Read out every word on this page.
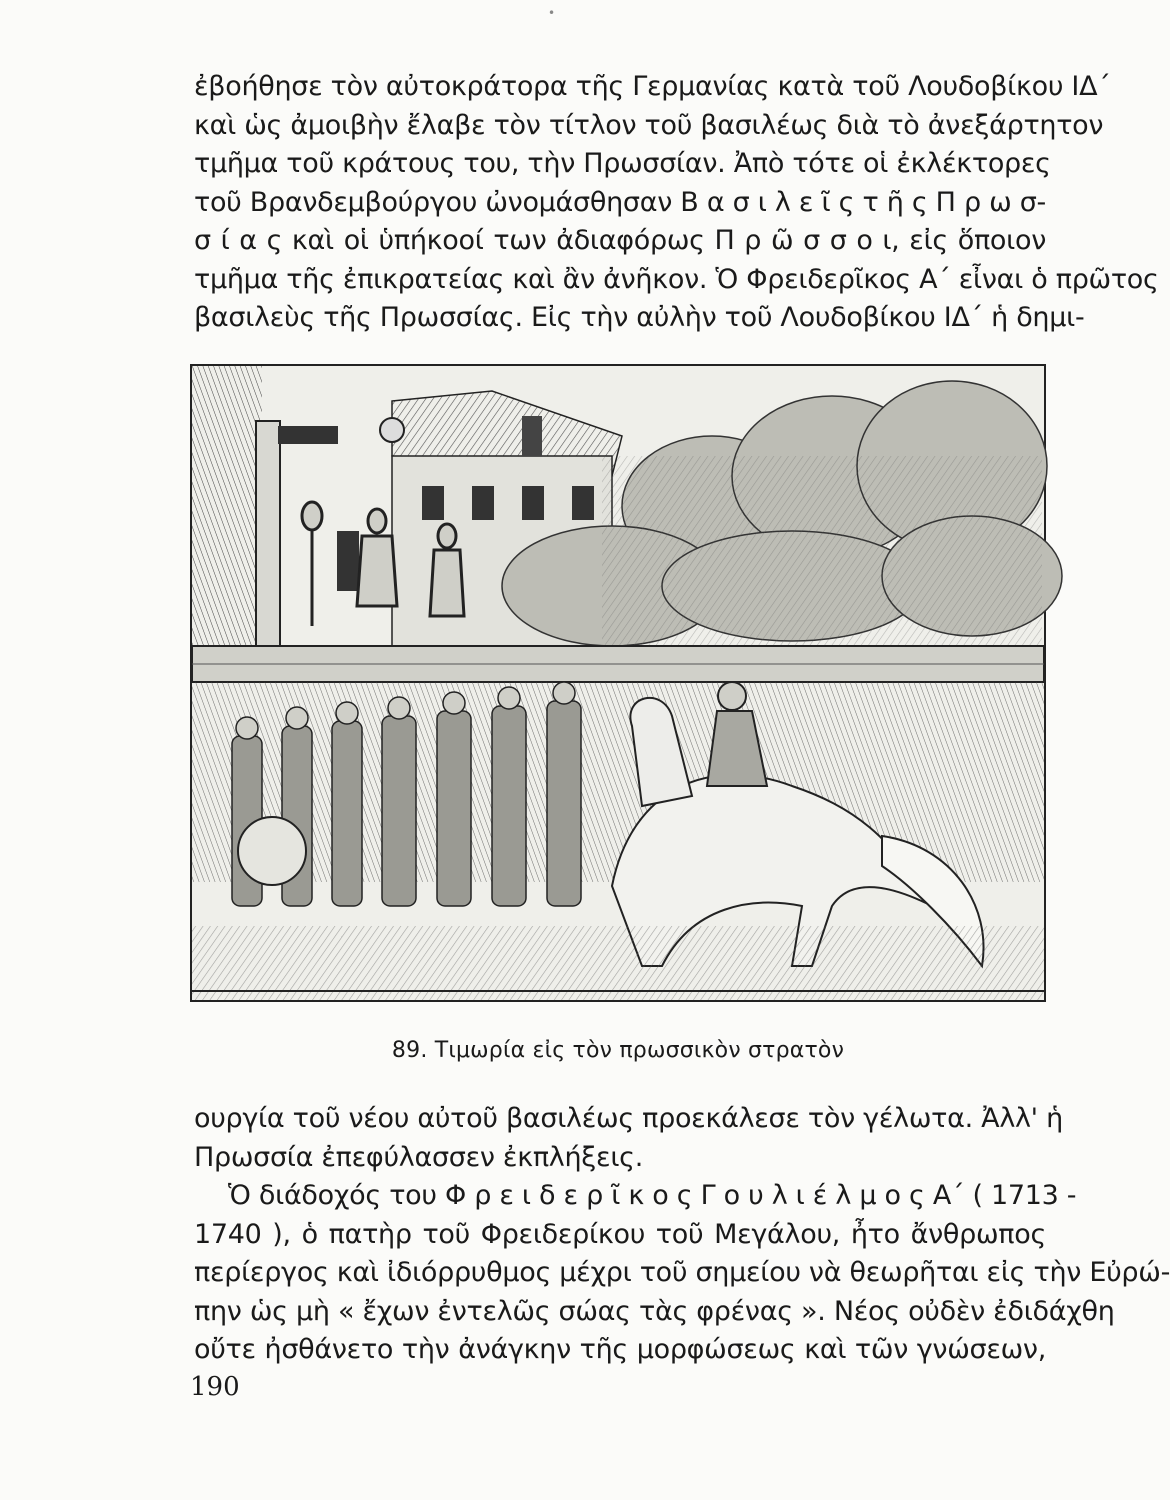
•
ἐβοήθησε τὸν αὐτοκράτορα τῆς Γερμανίας κατὰ τοῦ Λουδοβίκου ΙΔ΄
καὶ ὡς ἀμοιβὴν ἔλαβε τὸν τίτλον τοῦ βασιλέως διὰ τὸ ἀνεξάρτητον
τμῆμα τοῦ κράτους του, τὴν Πρωσσίαν. Ἀπὸ τότε οἱ ἐκλέκτορες
τοῦ Βρανδεμβούργου ὠνομάσθησαν Β α σ ι λ ε ῖ ς τ ῆ ς Π ρ ω σ-
σ ί α ς καὶ οἱ ὑπήκοοί των ἀδιαφόρως Π ρ ῶ σ σ ο ι, εἰς ὅποιον
τμῆμα τῆς ἐπικρατείας καὶ ἂν ἀνῆκον. Ὁ Φρειδερῖκος Α΄ εἶναι ὁ πρῶτος
βασιλεὺς τῆς Πρωσσίας. Εἰς τὴν αὐλὴν τοῦ Λουδοβίκου ΙΔ΄ ἡ δημι-
89. Τιμωρία εἰς τὸν πρωσσικὸν στρατὸν
ουργία τοῦ νέου αὐτοῦ βασιλέως προεκάλεσε τὸν γέλωτα. Ἀλλ' ἡ
Πρωσσία ἐπεφύλασσεν ἐκπλήξεις.
Ὁ διάδοχός του Φ ρ ε ι δ ε ρ ῖ κ ο ς Γ ο υ λ ι έ λ μ ο ς Α΄ ( 1713 -
1740 ), ὁ πατὴρ τοῦ Φρειδερίκου τοῦ Μεγάλου, ἦτο ἄνθρωπος
περίεργος καὶ ἰδιόρρυθμος μέχρι τοῦ σημείου νὰ θεωρῆται εἰς τὴν Εὐρώ-
πην ὡς μὴ « ἔχων ἐντελῶς σώας τὰς φρένας ». Νέος οὐδὲν ἐδιδάχθη
οὔτε ἠσθάνετο τὴν ἀνάγκην τῆς μορφώσεως καὶ τῶν γνώσεων,
190
